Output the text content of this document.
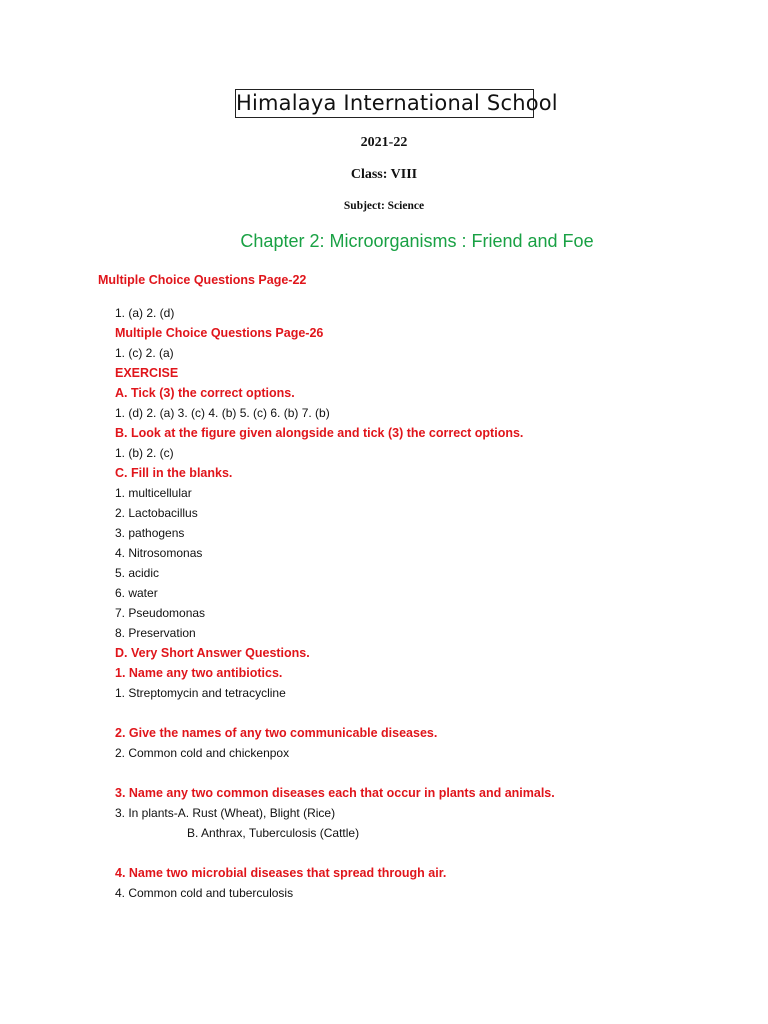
Himalaya International School
2021-22
Class: VIII
Subject: Science
Chapter 2: Microorganisms : Friend and Foe
Multiple Choice Questions Page-22
1. (a) 2. (d)
Multiple Choice Questions Page-26
1. (c) 2. (a)
EXERCISE
A. Tick (3) the correct options.
1. (d) 2. (a) 3. (c) 4. (b) 5. (c) 6. (b) 7. (b)
B. Look at the figure given alongside and tick (3) the correct options.
1. (b) 2. (c)
C. Fill in the blanks.
1. multicellular
2. Lactobacillus
3. pathogens
4. Nitrosomonas
5. acidic
6. water
7. Pseudomonas
8. Preservation
D. Very Short Answer Questions.
1. Name any two antibiotics.
1. Streptomycin and tetracycline
2. Give the names of any two communicable diseases.
2. Common cold and chickenpox
3. Name any two common diseases each that occur in plants and animals.
3. In plants-A. Rust (Wheat), Blight (Rice)
B. Anthrax, Tuberculosis (Cattle)
4. Name two microbial diseases that spread through air.
4. Common cold and tuberculosis
